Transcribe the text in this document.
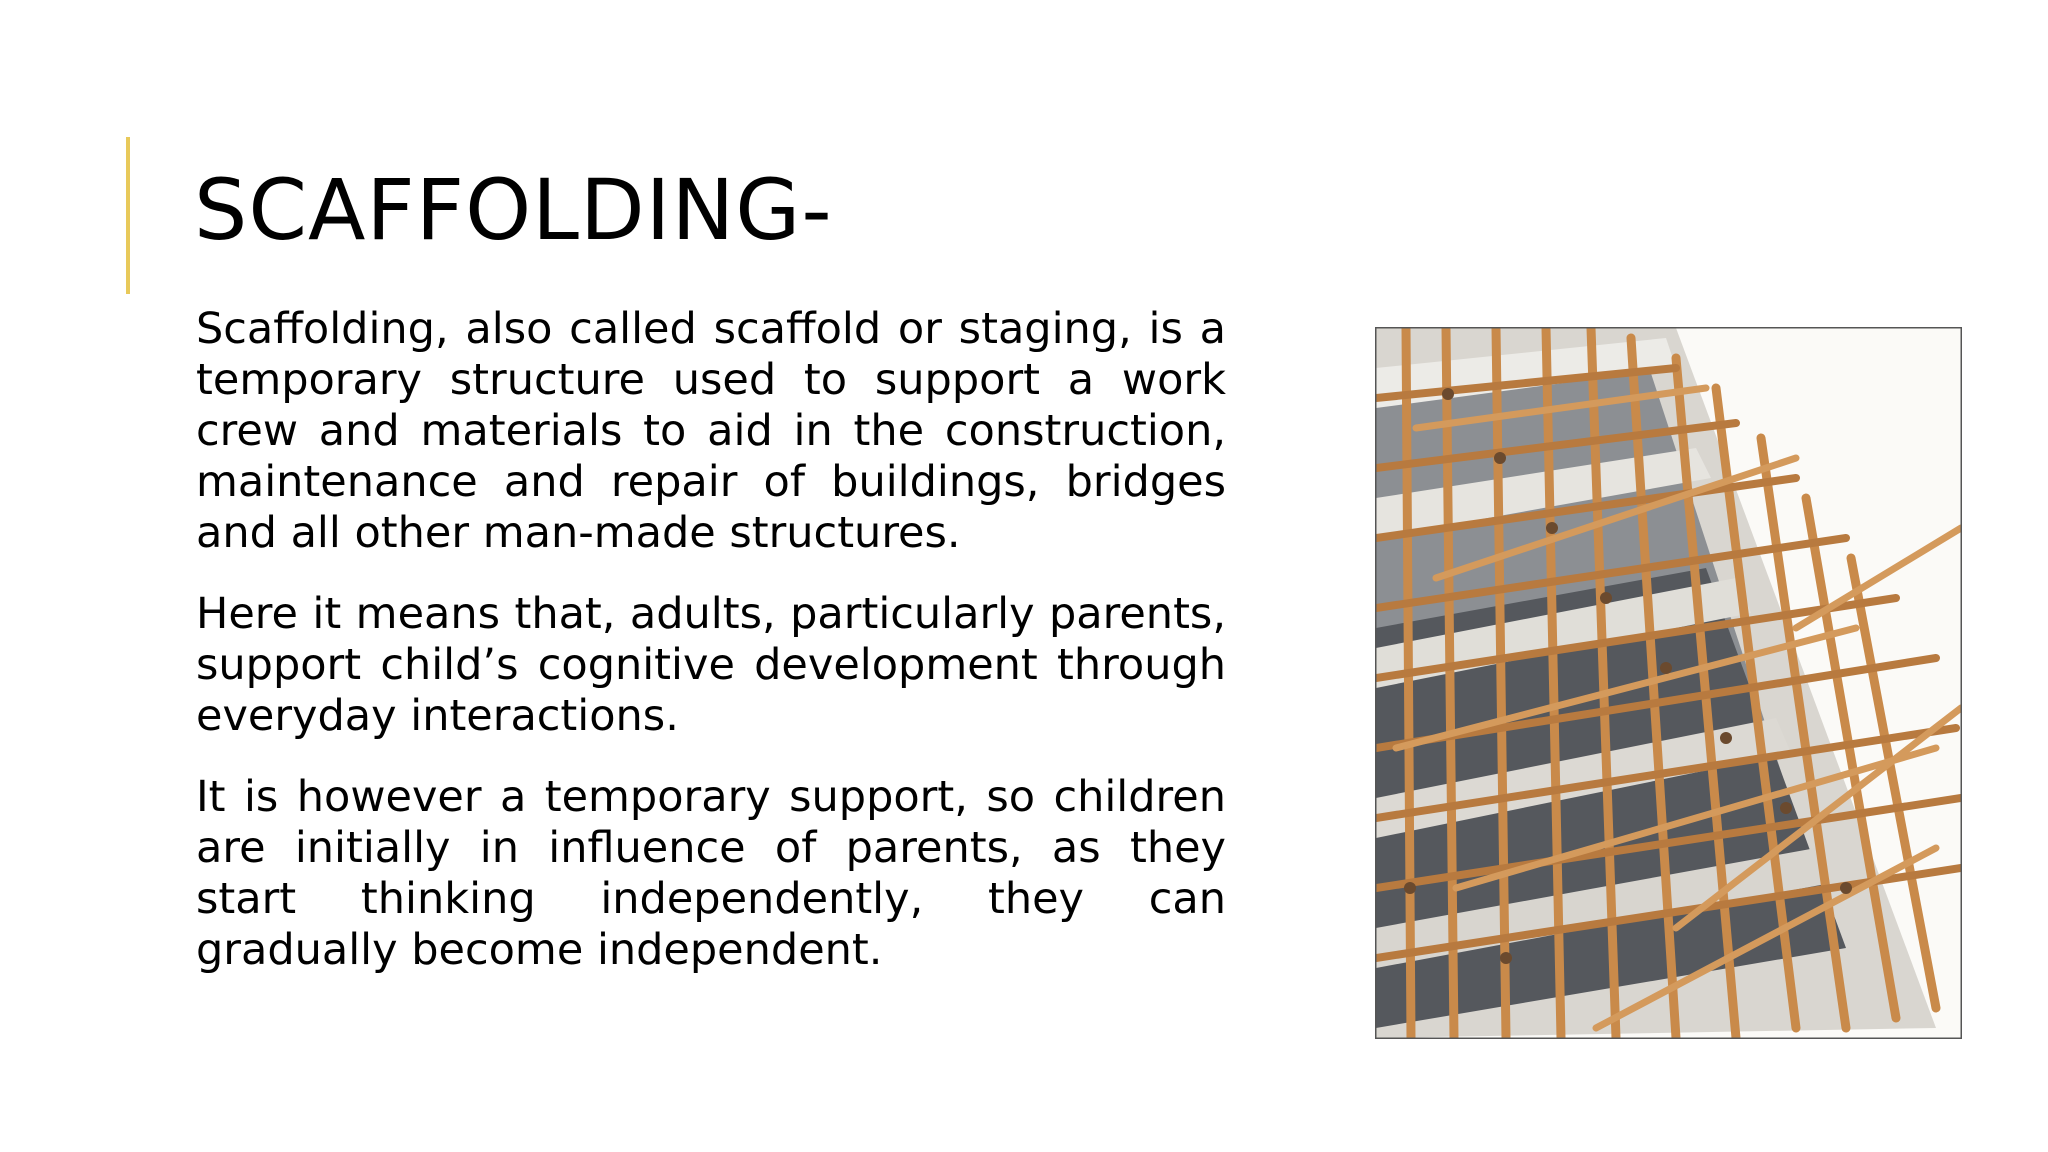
SCAFFOLDING-

Scaffolding, also called scaffold or staging, is a temporary structure used to support a work crew and materials to aid in the construction, maintenance and repair of buildings, bridges and all other man-made structures.

Here it means that, adults, particularly parents, support child’s cognitive development through everyday interactions.

It is however a temporary support, so children are initially in influence of parents, as they start thinking independently, they can gradually become independent.
